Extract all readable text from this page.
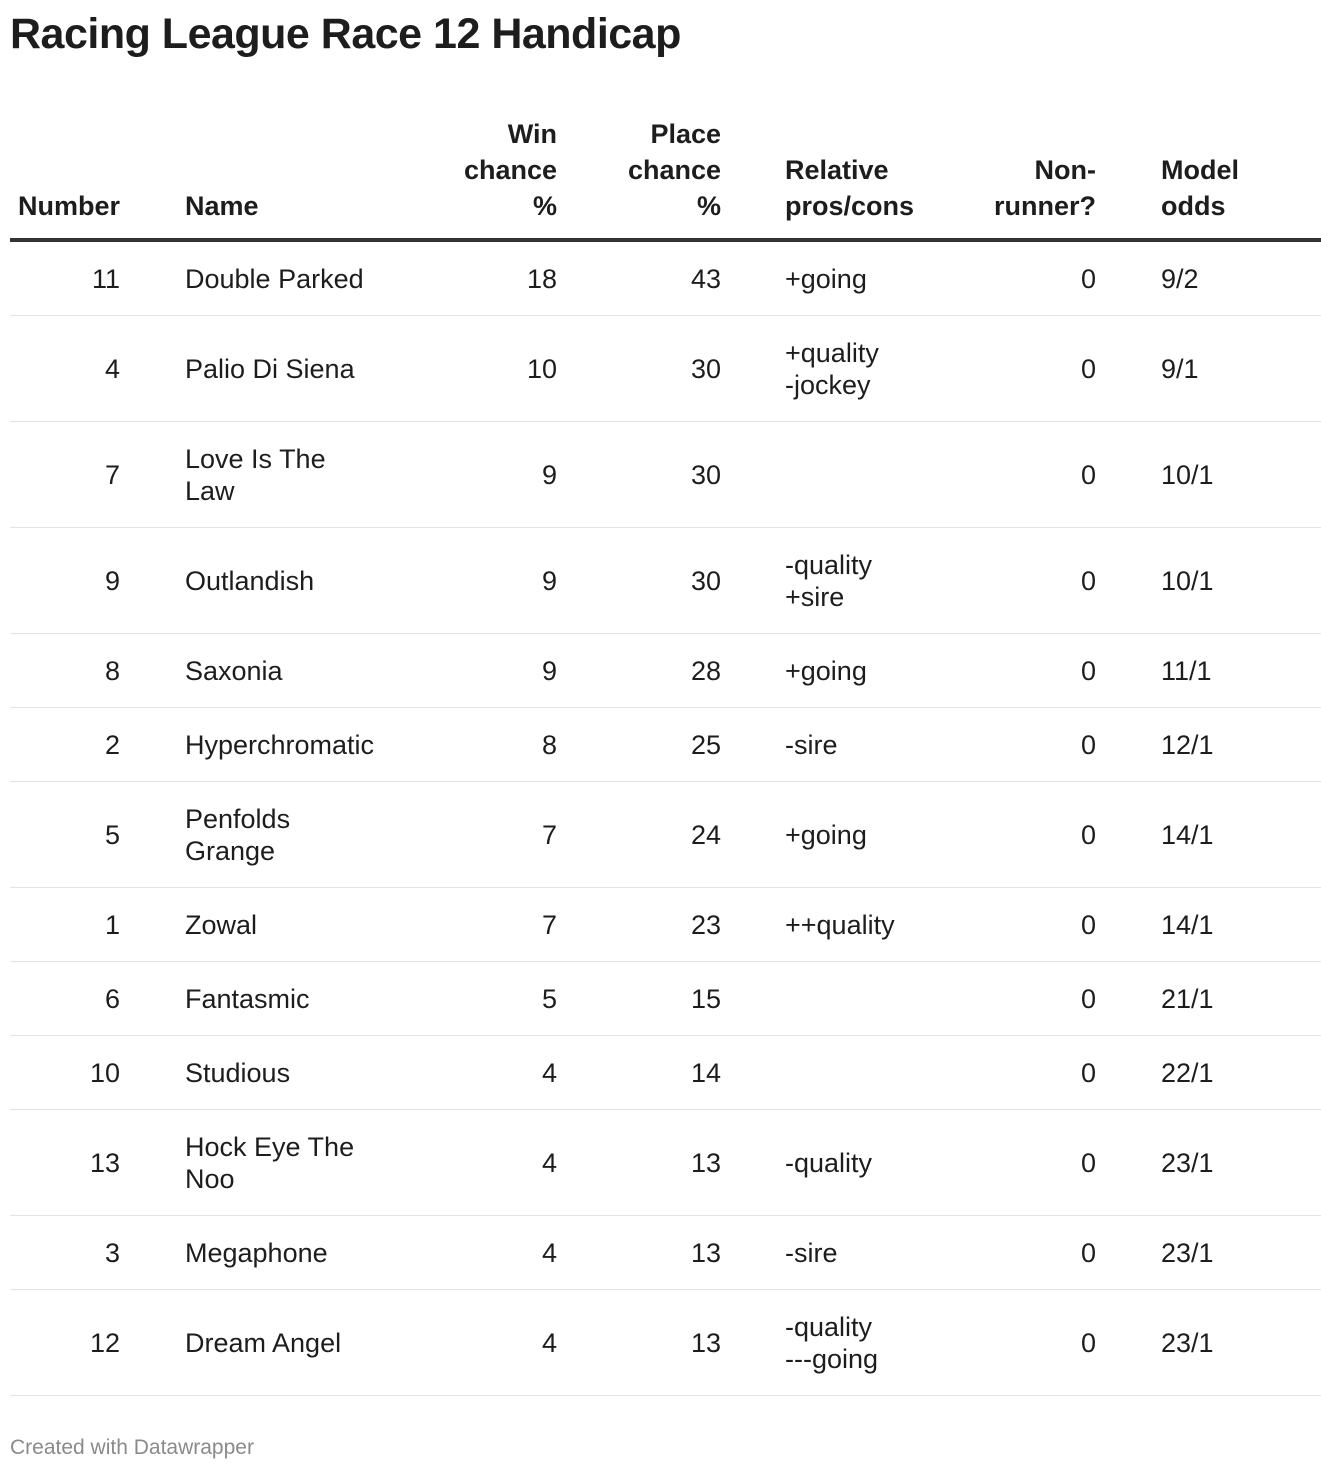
Racing League Race 12 Handicap
Number	Name	Win
chance
%	Place
chance
%	Relative
pros/cons	Non-
runner?	Model
odds
11	Double Parked	18	43	+going	0	9/2
4	Palio Di Siena	10	30	+quality
-jockey	0	9/1
7	Love Is The
Law	9	30		0	10/1
9	Outlandish	9	30	-quality
+sire	0	10/1
8	Saxonia	9	28	+going	0	11/1
2	Hyperchromatic	8	25	-sire	0	12/1
5	Penfolds
Grange	7	24	+going	0	14/1
1	Zowal	7	23	++quality	0	14/1
6	Fantasmic	5	15		0	21/1
10	Studious	4	14		0	22/1
13	Hock Eye The
Noo	4	13	-quality	0	23/1
3	Megaphone	4	13	-sire	0	23/1
12	Dream Angel	4	13	-quality
---going	0	23/1
Created with Datawrapper
